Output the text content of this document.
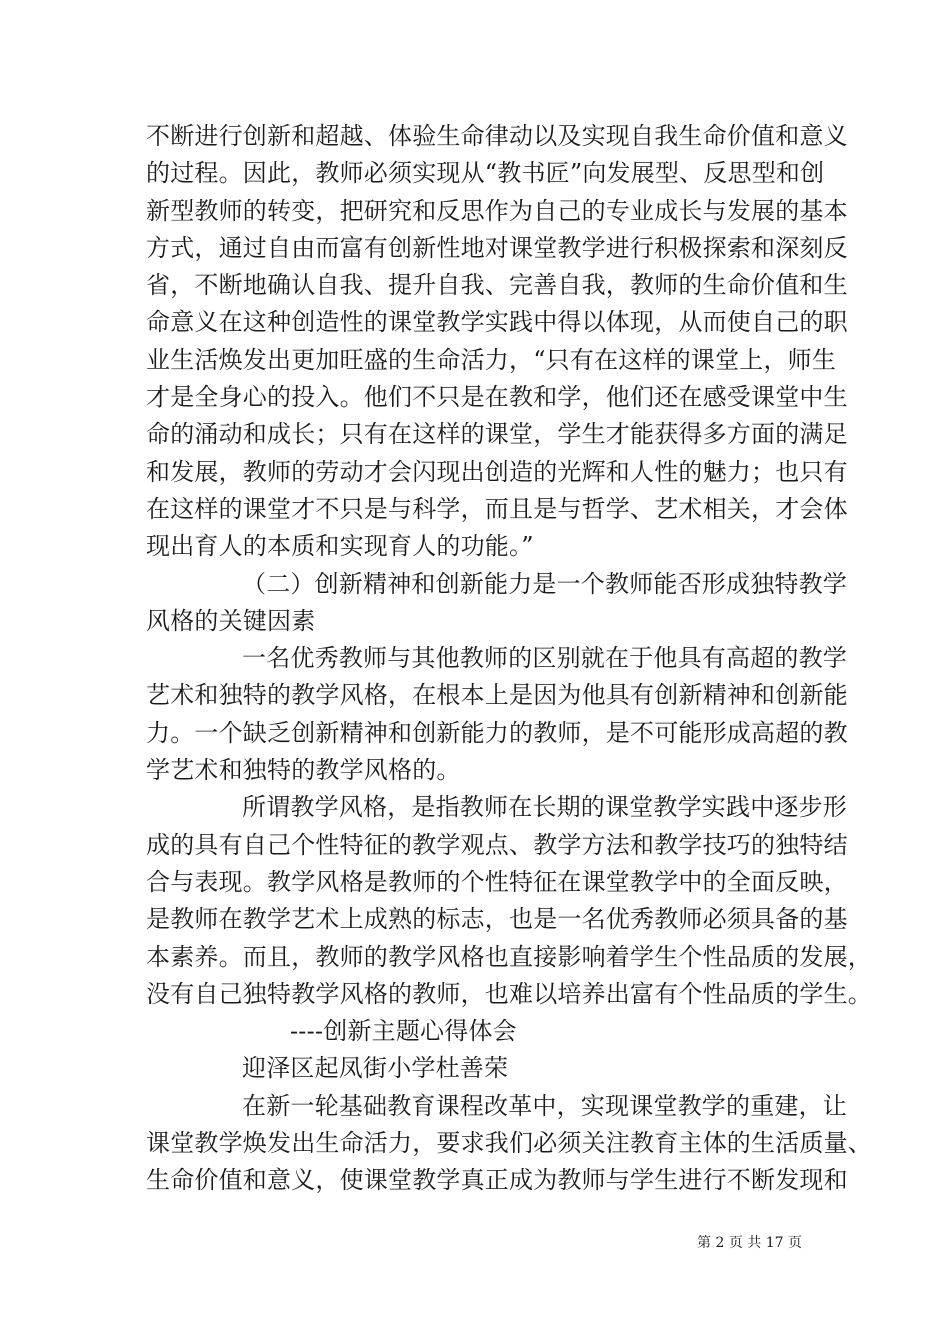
不断进行创新和超越、体验生命律动以及实现自我生命价值和意义
的过程。因此，教师必须实现从“教书匠”向发展型、反思型和创
新型教师的转变，把研究和反思作为自己的专业成长与发展的基本
方式，通过自由而富有创新性地对课堂教学进行积极探索和深刻反
省，不断地确认自我、提升自我、完善自我，教师的生命价值和生
命意义在这种创造性的课堂教学实践中得以体现，从而使自己的职
业生活焕发出更加旺盛的生命活力，“只有在这样的课堂上，师生
才是全身心的投入。他们不只是在教和学，他们还在感受课堂中生
命的涌动和成长；只有在这样的课堂，学生才能获得多方面的满足
和发展，教师的劳动才会闪现出创造的光辉和人性的魅力；也只有
在这样的课堂才不只是与科学，而且是与哲学、艺术相关，才会体
现出育人的本质和实现育人的功能。”
（二）创新精神和创新能力是一个教师能否形成独特教学
风格的关键因素
一名优秀教师与其他教师的区别就在于他具有高超的教学
艺术和独特的教学风格，在根本上是因为他具有创新精神和创新能
力。一个缺乏创新精神和创新能力的教师，是不可能形成高超的教
学艺术和独特的教学风格的。
所谓教学风格，是指教师在长期的课堂教学实践中逐步形
成的具有自己个性特征的教学观点、教学方法和教学技巧的独特结
合与表现。教学风格是教师的个性特征在课堂教学中的全面反映，
是教师在教学艺术上成熟的标志，也是一名优秀教师必须具备的基
本素养。而且，教师的教学风格也直接影响着学生个性品质的发展，
没有自己独特教学风格的教师，也难以培养出富有个性品质的学生。
----创新主题心得体会
迎泽区起凤街小学杜善荣
在新一轮基础教育课程改革中，实现课堂教学的重建，让
课堂教学焕发出生命活力，要求我们必须关注教育主体的生活质量、
生命价值和意义，使课堂教学真正成为教师与学生进行不断发现和
第 2 页 共 17 页
